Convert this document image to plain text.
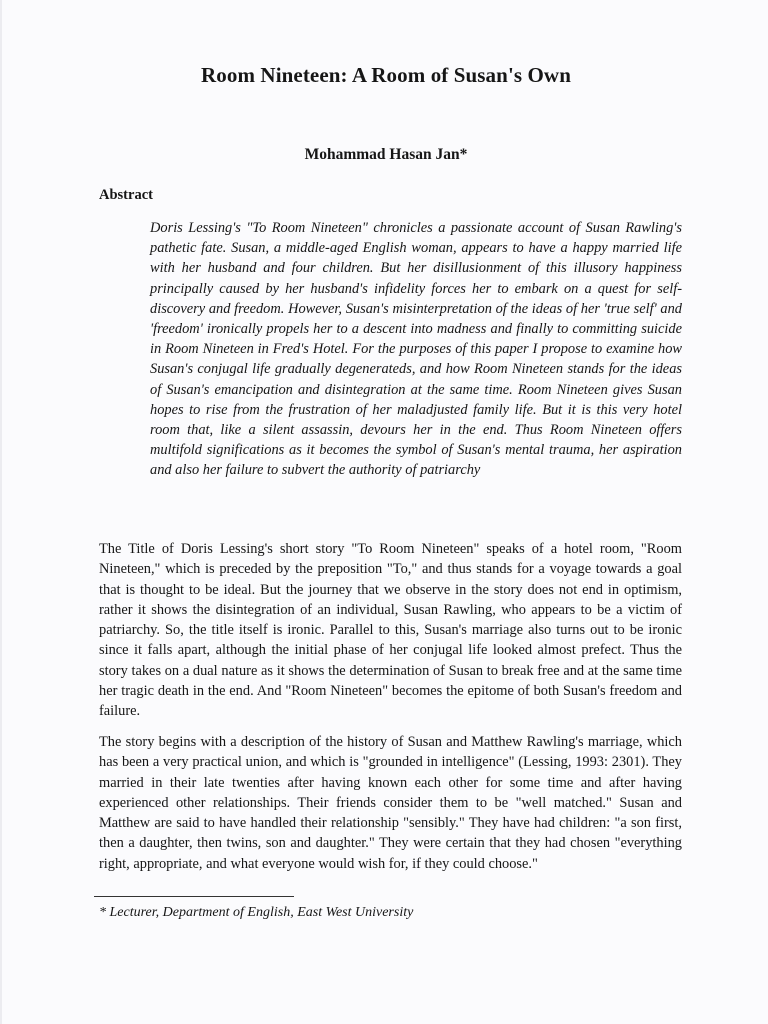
Room Nineteen: A Room of Susan's Own
Mohammad Hasan Jan*
Abstract
Doris Lessing's "To Room Nineteen" chronicles a passionate account of Susan Rawling's pathetic fate. Susan, a middle-aged English woman, appears to have a happy married life with her husband and four children. But her disillusionment of this illusory happiness principally caused by her husband's infidelity forces her to embark on a quest for self-discovery and freedom. However, Susan's misinterpretation of the ideas of her 'true self' and 'freedom' ironically propels her to a descent into madness and finally to committing suicide in Room Nineteen in Fred's Hotel. For the purposes of this paper I propose to examine how Susan's conjugal life gradually degenerateds, and how Room Nineteen stands for the ideas of Susan's emancipation and disintegration at the same time. Room Nineteen gives Susan hopes to rise from the frustration of her maladjusted family life. But it is this very hotel room that, like a silent assassin, devours her in the end. Thus Room Nineteen offers multifold significations as it becomes the symbol of Susan's mental trauma, her aspiration and also her failure to subvert the authority of patriarchy

The Title of Doris Lessing's short story "To Room Nineteen" speaks of a hotel room, "Room Nineteen," which is preceded by the preposition "To," and thus stands for a voyage towards a goal that is thought to be ideal. But the journey that we observe in the story does not end in optimism, rather it shows the disintegration of an individual, Susan Rawling, who appears to be a victim of patriarchy. So, the title itself is ironic. Parallel to this, Susan's marriage also turns out to be ironic since it falls apart, although the initial phase of her conjugal life looked almost prefect. Thus the story takes on a dual nature as it shows the determination of Susan to break free and at the same time her tragic death in the end. And "Room Nineteen" becomes the epitome of both Susan's freedom and failure.

The story begins with a description of the history of Susan and Matthew Rawling's marriage, which has been a very practical union, and which is "grounded in intelligence" (Lessing, 1993: 2301). They married in their late twenties after having known each other for some time and after having experienced other relationships. Their friends consider them to be "well matched." Susan and Matthew are said to have handled their relationship "sensibly." They have had children: "a son first, then a daughter, then twins, son and daughter." They were certain that they had chosen "everything right, appropriate, and what everyone would wish for, if they could choose."

* Lecturer, Department of English, East West University
